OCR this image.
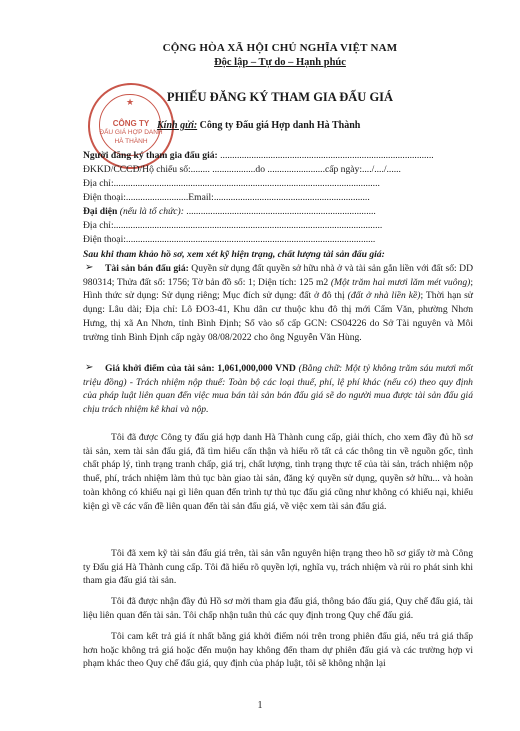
CỘNG HÒA XÃ HỘI CHỦ NGHĨA VIỆT NAM
Độc lập – Tự do – Hạnh phúc
★
CÔNG TY
ĐẤU GIÁ HỢP DANH
HÀ THÀNH
PHIẾU ĐĂNG KÝ THAM GIA ĐẤU GIÁ
Kính gửi: Công ty Đấu giá Hợp danh Hà Thành
Người đăng ký tham gia đấu giá: .........................................................................................
ĐKKD/CCCD/Hộ chiếu số:........ ..................do ........................cấp ngày:..../..../......
Địa chỉ:...............................................................................................................
Điện thoại:..........................Email:.................................................................
Đại diện (nếu là tổ chức): ...............................................................................
Địa chỉ:................................................................................................................
Điện thoại:........................................................................................................
Sau khi tham khảo hồ sơ, xem xét kỹ hiện trạng, chất lượng tài sản đấu giá:
➢	Tài sản bán đấu giá: Quyền sử dụng đất quyền sở hữu nhà ở và tài sản gắn liền với đất số: DD 980314; Thửa đất số: 1756; Tờ bản đồ số: 1; Diện tích: 125 m2 (Một trăm hai mươi lăm mét vuông); Hình thức sử dụng: Sử dụng riêng; Mục đích sử dụng: đất ở đô thị (đất ở nhà liền kề); Thời hạn sử dụng: Lâu dài; Địa chỉ: Lô ĐO3-41, Khu dân cư thuộc khu đô thị mới Cẩm Văn, phường Nhơn Hưng, thị xã An Nhơn, tỉnh Bình Định; Số vào số cấp GCN: CS04226 do Sở Tài nguyên và Môi trường tỉnh Bình Định cấp ngày 08/08/2022 cho ông Nguyễn Văn Hùng.
➢	Giá khởi điểm của tài sản: 1,061,000,000 VND (Bằng chữ: Một tỷ không trăm sáu mươi mốt triệu đồng) - Trách nhiệm nộp thuế: Toàn bộ các loại thuế, phí, lệ phí khác (nếu có) theo quy định của pháp luật liên quan đến việc mua bán tài sản bán đấu giá sẽ do người mua được tài sản đấu giá chịu trách nhiệm kê khai và nộp.
Tôi đã được Công ty đấu giá hợp danh Hà Thành cung cấp, giải thích, cho xem đầy đủ hồ sơ tài sản, xem tài sản đấu giá, đã tìm hiểu cẩn thận và hiểu rõ tất cả các thông tin về nguồn gốc, tình chất pháp lý, tình trạng tranh chấp, giá trị, chất lượng, tình trạng thực tế của tài sản, trách nhiệm nộp thuế, phí, trách nhiệm làm thủ tục bàn giao tài sản, đăng ký quyền sử dụng, quyền sở hữu... và hoàn toàn không có khiếu nại gì liên quan đến trình tự thủ tục đấu giá cũng như không có khiếu nại, khiếu kiện gì về các vấn đề liên quan đến tài sản đấu giá, về việc xem tài sản đấu giá.
Tôi đã xem kỹ tài sản đấu giá trên, tài sản vẫn nguyên hiện trạng theo hồ sơ giấy tờ mà Công ty Đấu giá Hà Thành cung cấp. Tôi đã hiểu rõ quyền lợi, nghĩa vụ, trách nhiệm và rủi ro phát sinh khi tham gia đấu giá tài sản.
Tôi đã được nhận đầy đủ Hồ sơ mời tham gia đấu giá, thông báo đấu giá, Quy chế đấu giá, tài liệu liên quan đến tài sản. Tôi chấp nhận tuân thủ các quy định trong Quy chế đấu giá.
Tôi cam kết trả giá ít nhất bằng giá khởi điểm nói trên trong phiên đấu giá, nếu trả giá thấp hơn hoặc không trả giá hoặc đến muộn hay không đến tham dự phiên đấu giá và các trường hợp vi phạm khác theo Quy chế đấu giá, quy định của pháp luật, tôi sẽ không nhận lại
1
